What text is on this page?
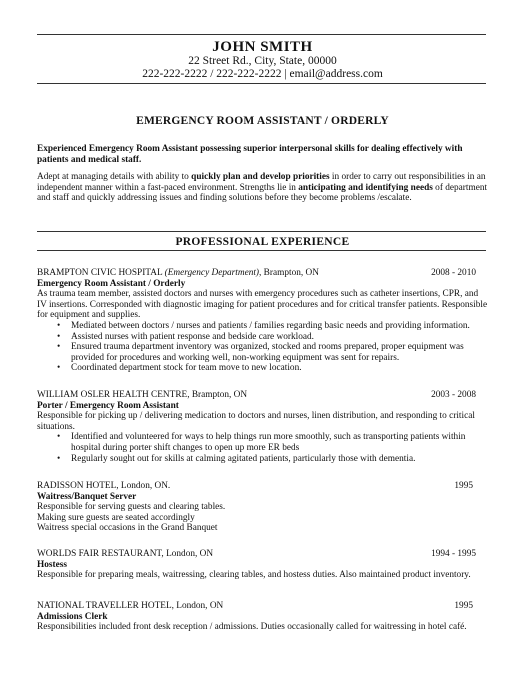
JOHN SMITH
22 Street Rd., City, State, 00000
222-222-2222 / 222-222-2222 | email@address.com
EMERGENCY ROOM ASSISTANT / ORDERLY
Experienced Emergency Room Assistant possessing superior interpersonal skills for dealing effectively with patients and medical staff.
Adept at managing details with ability to quickly plan and develop priorities in order to carry out responsibilities in an independent manner within a fast-paced environment. Strengths lie in anticipating and identifying needs of department and staff and quickly addressing issues and finding solutions before they become problems /escalate.
PROFESSIONAL EXPERIENCE
BRAMPTON CIVIC HOSPITAL (Emergency Department), Brampton, ON	2008 - 2010
Emergency Room Assistant / Orderly
As trauma team member, assisted doctors and nurses with emergency procedures such as catheter insertions, CPR, and IV insertions. Corresponded with diagnostic imaging for patient procedures and for critical transfer patients. Responsible for equipment and supplies.
• Mediated between doctors / nurses and patients / families regarding basic needs and providing information.
• Assisted nurses with patient response and bedside care workload.
• Ensured trauma department inventory was organized, stocked and rooms prepared, proper equipment was provided for procedures and working well, non-working equipment was sent for repairs.
• Coordinated department stock for team move to new location.
WILLIAM OSLER HEALTH CENTRE, Brampton, ON	2003 - 2008
Porter / Emergency Room Assistant
Responsible for picking up / delivering medication to doctors and nurses, linen distribution, and responding to critical situations.
• Identified and volunteered for ways to help things run more smoothly, such as transporting patients within hospital during porter shift changes to open up more ER beds
• Regularly sought out for skills at calming agitated patients, particularly those with dementia.
RADISSON HOTEL, London, ON.	1995
Waitress/Banquet Server
Responsible for serving guests and clearing tables.
Making sure guests are seated accordingly
Waitress special occasions in the Grand Banquet
WORLDS FAIR RESTAURANT, London, ON	1994 - 1995
Hostess
Responsible for preparing meals, waitressing, clearing tables, and hostess duties. Also maintained product inventory.
NATIONAL TRAVELLER HOTEL, London, ON	1995
Admissions Clerk
Responsibilities included front desk reception / admissions. Duties occasionally called for waitressing in hotel café.
